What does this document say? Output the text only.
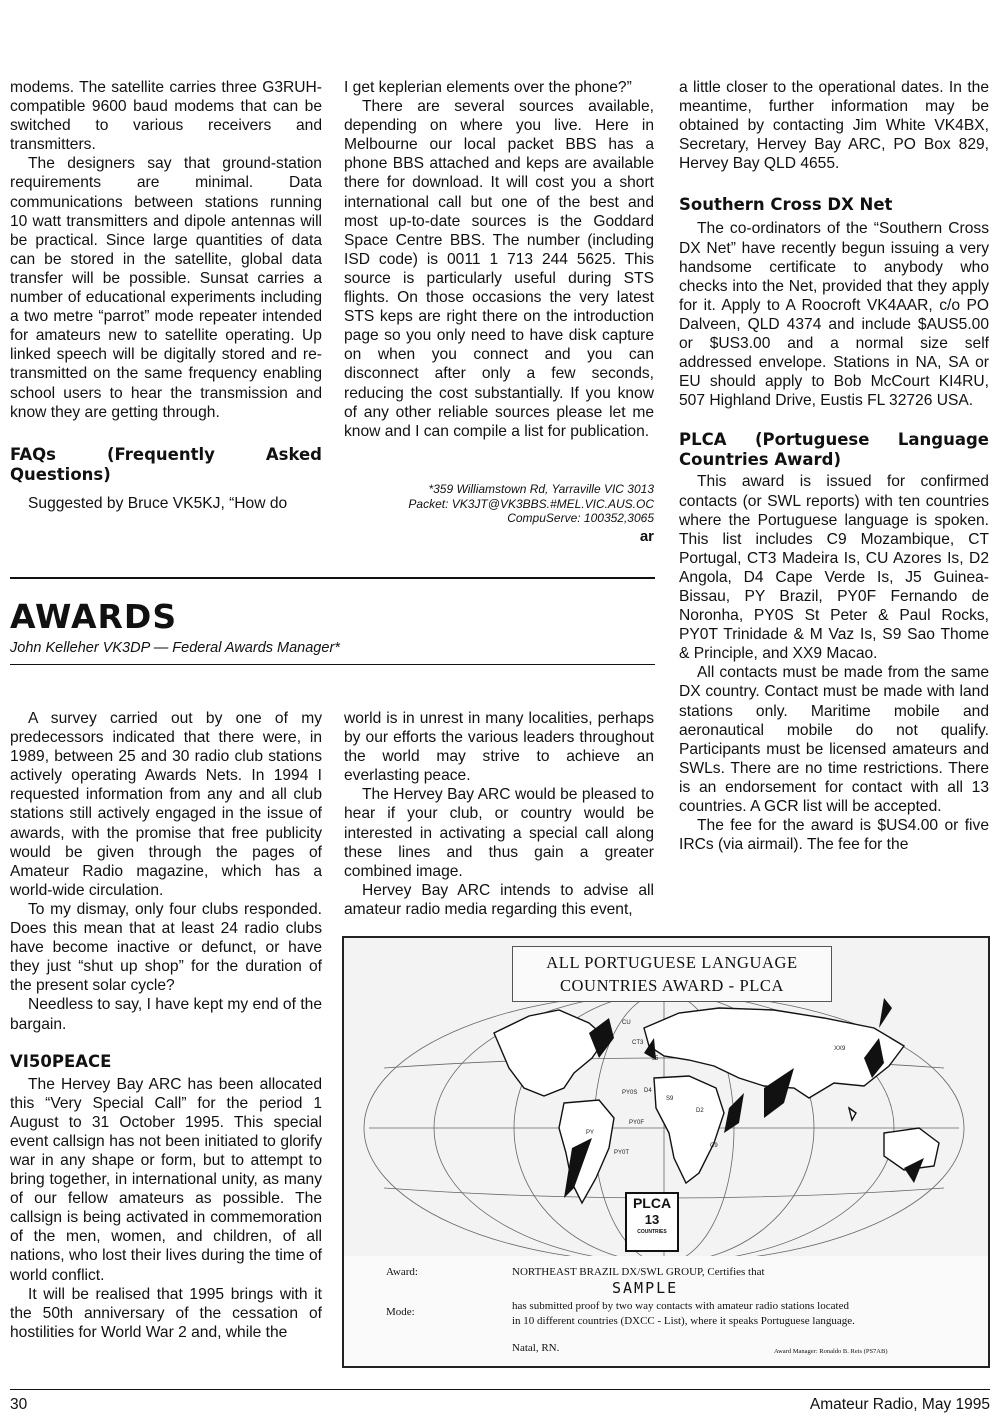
modems. The satellite carries three G3RUH-compatible 9600 baud modems that can be switched to various receivers and transmitters.

The designers say that ground-station requirements are minimal. Data communications between stations running 10 watt transmitters and dipole antennas will be practical. Since large quantities of data can be stored in the satellite, global data transfer will be possible. Sunsat carries a number of educational experiments including a two metre “parrot” mode repeater intended for amateurs new to satellite operating. Up linked speech will be digitally stored and re-transmitted on the same frequency enabling school users to hear the transmission and know they are getting through.

FAQs (Frequently Asked Questions)

Suggested by Bruce VK5KJ, “How do

I get keplerian elements over the phone?”

There are several sources available, depending on where you live. Here in Melbourne our local packet BBS has a phone BBS attached and keps are available there for download. It will cost you a short international call but one of the best and most up-to-date sources is the Goddard Space Centre BBS. The number (including ISD code) is 0011 1 713 244 5625. This source is particularly useful during STS flights. On those occasions the very latest STS keps are right there on the introduction page so you only need to have disk capture on when you connect and you can disconnect after only a few seconds, reducing the cost substantially. If you know of any other reliable sources please let me know and I can compile a list for publication.

*359 Williamstown Rd, Yarraville VIC 3013
Packet: VK3JT@VK3BBS.#MEL.VIC.AUS.OC
CompuServe: 100352,3065
ar

a little closer to the operational dates. In the meantime, further information may be obtained by contacting Jim White VK4BX, Secretary, Hervey Bay ARC, PO Box 829, Hervey Bay QLD 4655.

Southern Cross DX Net

The co-ordinators of the “Southern Cross DX Net” have recently begun issuing a very handsome certificate to anybody who checks into the Net, provided that they apply for it. Apply to A Roocroft VK4AAR, c/o PO Dalveen, QLD 4374 and include $AUS5.00 or $US3.00 and a normal size self addressed envelope. Stations in NA, SA or EU should apply to Bob McCourt KI4RU, 507 Highland Drive, Eustis FL 32726 USA.

PLCA (Portuguese Language Countries Award)

This award is issued for confirmed contacts (or SWL reports) with ten countries where the Portuguese language is spoken. This list includes C9 Mozambique, CT Portugal, CT3 Madeira Is, CU Azores Is, D2 Angola, D4 Cape Verde Is, J5 Guinea-Bissau, PY Brazil, PY0F Fernando de Noronha, PY0S St Peter & Paul Rocks, PY0T Trinidade & M Vaz Is, S9 Sao Thome & Principle, and XX9 Macao.

All contacts must be made from the same DX country. Contact must be made with land stations only. Maritime mobile and aeronautical mobile do not qualify. Participants must be licensed amateurs and SWLs. There are no time restrictions. There is an endorsement for contact with all 13 countries. A GCR list will be accepted.

The fee for the award is $US4.00 or five IRCs (via airmail). The fee for the

AWARDS

John Kelleher VK3DP — Federal Awards Manager*

A survey carried out by one of my predecessors indicated that there were, in 1989, between 25 and 30 radio club stations actively operating Awards Nets. In 1994 I requested information from any and all club stations still actively engaged in the issue of awards, with the promise that free publicity would be given through the pages of Amateur Radio magazine, which has a world-wide circulation.

To my dismay, only four clubs responded. Does this mean that at least 24 radio clubs have become inactive or defunct, or have they just “shut up shop” for the duration of the present solar cycle?

Needless to say, I have kept my end of the bargain.

VI50PEACE

The Hervey Bay ARC has been allocated this “Very Special Call” for the period 1 August to 31 October 1995. This special event callsign has not been initiated to glorify war in any shape or form, but to attempt to bring together, in international unity, as many of our fellow amateurs as possible. The callsign is being activated in commemoration of the men, women, and children, of all nations, who lost their lives during the time of world conflict.

It will be realised that 1995 brings with it the 50th anniversary of the cessation of hostilities for World War 2 and, while the

world is in unrest in many localities, perhaps by our efforts the various leaders throughout the world may strive to achieve an everlasting peace.

The Hervey Bay ARC would be pleased to hear if your club, or country would be interested in activating a special call along these lines and thus gain a greater combined image.

Hervey Bay ARC intends to advise all amateur radio media regarding this event,

CU
CT3
J5
D4
PY0S
S9
D2
PY0F
PY
PY0T
C9
XX9
ALL PORTUGUESE LANGUAGE
COUNTRIES AWARD - PLCA
PLCA
13
COUNTRIES
Award:	NORTHEAST BRAZIL DX/SWL GROUP, Certifies that
SAMPLE
Mode:	has submitted proof by two way contacts with amateur radio stations located
in 10 different countries (DXCC - List), where it speaks Portuguese language.
Natal, RN.	Award Manager: Ronaldo B. Reis (PS7AB)
30	Amateur Radio, May 1995
